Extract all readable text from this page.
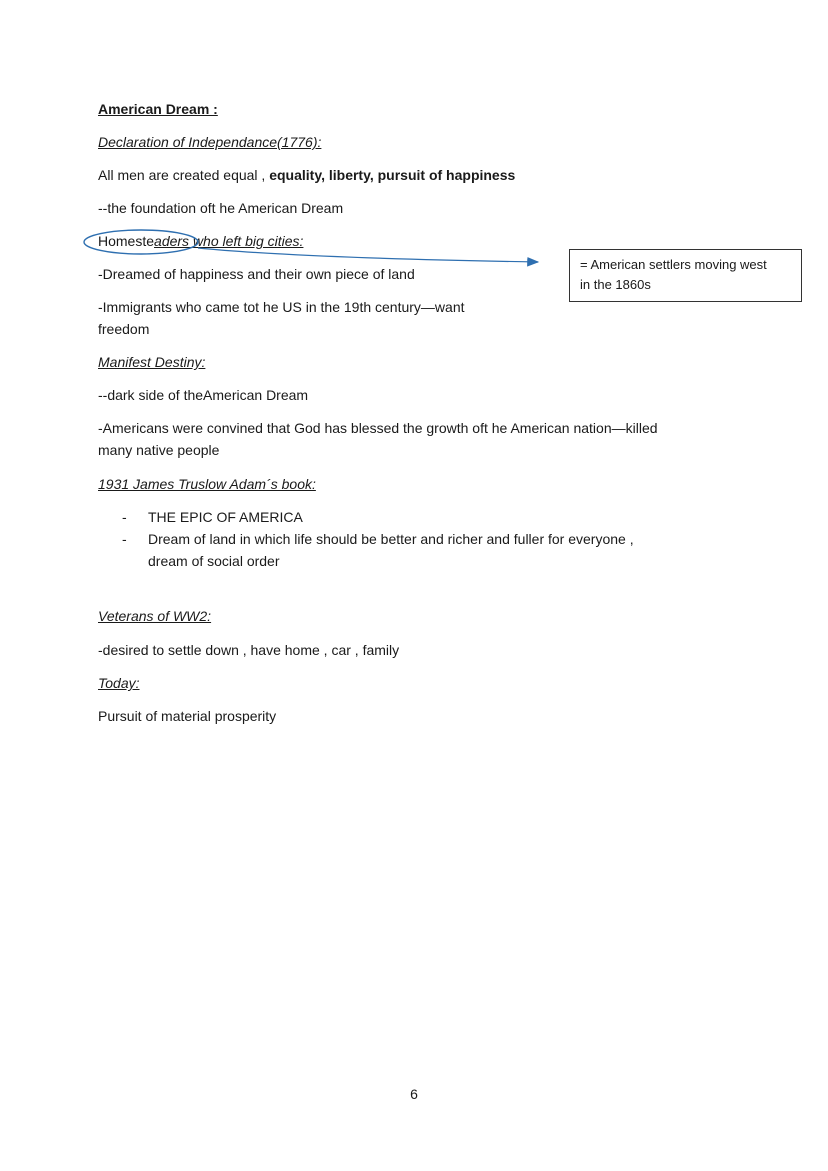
American Dream :
Declaration of Independance(1776):
All men are created equal , equality, liberty, pursuit of happiness
--the foundation oft he American Dream
Homesteaders who left big cities:
-Dreamed of happiness and their own piece of land
-Immigrants who came tot he US in the 19th century—want
freedom
= American settlers moving west
in the 1860s
Manifest Destiny:
--dark side of theAmerican Dream
-Americans were convined that God has blessed the growth oft he American nation—killed
many native people
1931 James Truslow Adam´s book:
- THE EPIC OF AMERICA
- Dream of land in which life should be better and richer and fuller for everyone ,
dream of social order
Veterans of WW2:
-desired to settle down , have home , car , family
Today:
Pursuit of material prosperity
6
